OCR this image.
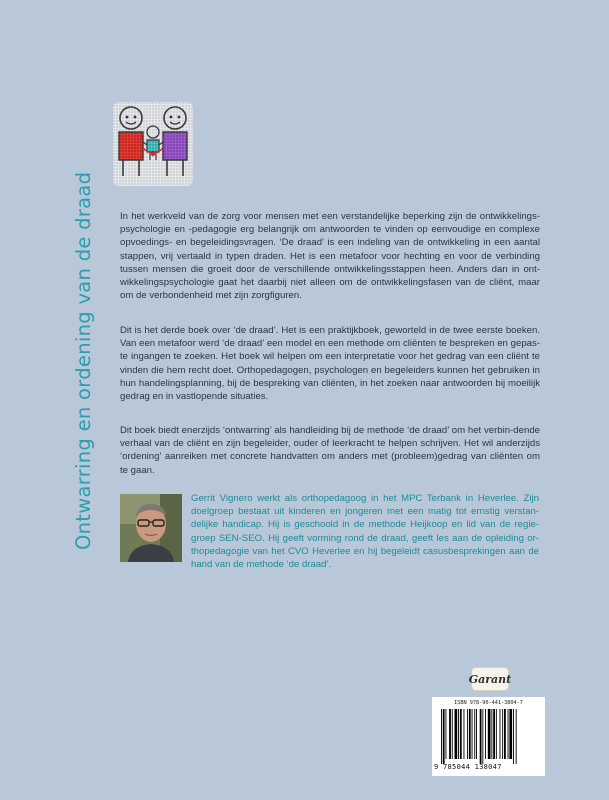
Ontwarring en ordening van de draad	In het werkveld van de zorg voor mensen met een verstandelijke beperking zijn de ontwikkelings-psychologie en -pedagogie erg belangrijk om antwoorden te vinden op eenvoudige en complexe opvoedings- en begeleidingsvragen. ‘De draad’ is een indeling van de ontwikkeling in een aantal stappen, vrij vertaald in typen draden. Het is een metafoor voor hechting en voor de verbinding tussen mensen die groeit door de verschillende ontwikkelingsstappen heen. Anders dan in ont-wikkelingspsychologie gaat het daarbij niet alleen om de ontwikkelingsfasen van de cliënt, maar om de verbondenheid met zijn zorgfiguren.

Dit is het derde boek over ‘de draad’. Het is een praktijkboek, geworteld in de twee eerste boeken. Van een metafoor werd ‘de draad’ een model en een methode om cliënten te bespreken en gepas-te ingangen te zoeken. Het boek wil helpen om een interpretatie voor het gedrag van een cliënt te vinden die hem recht doet. Orthopedagogen, psychologen en begeleiders kunnen het gebruiken in hun handelingsplanning, bij de bespreking van cliënten, in het zoeken naar antwoorden bij moeilijk gedrag en in vastlopende situaties.

Dit boek biedt enerzijds ‘ontwarring’ als handleiding bij de methode ‘de draad’ om het verbin-dende verhaal van de cliënt en zijn begeleider, ouder of leerkracht te helpen schrijven. Het wil anderzijds ‘ordening’ aanreiken met concrete handvatten om anders met (probleem)gedrag van cliënten om te gaan.

Gerrit Vignero werkt als orthopedagoog in het MPC Terbank in Heverlee. Zijn doelgroep bestaat uit kinderen en jongeren met een matig tot ernstig verstan-delijke handicap. Hij is geschoold in de methode Heijkoop en lid van de regie-groep SEN-SEO. Hij geeft vorming rond de draad, geeft les aan de opleiding or-thopedagogie van het CVO Heverlee en hij begeleidt casusbesprekingen aan de hand van de methode ‘de draad’.

Garant
ISBN 978-90-441-3804-7
9 785044 138047
